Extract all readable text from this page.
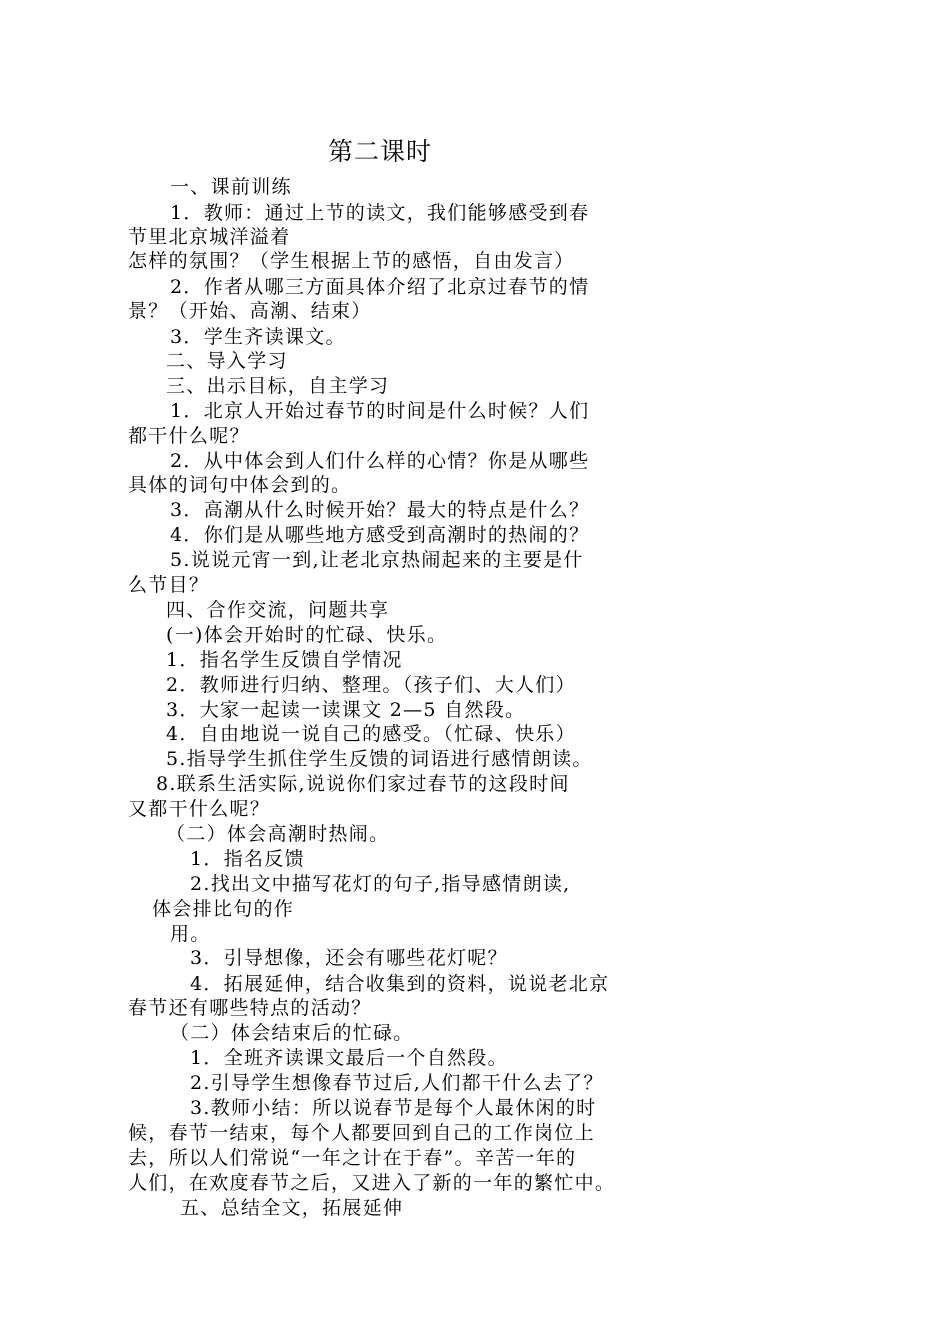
第二课时
一、课前训练
1．教师：通过上节的读文，我们能够感受到春
节里北京城洋溢着
怎样的氛围？（学生根据上节的感悟，自由发言）
2．作者从哪三方面具体介绍了北京过春节的情
景？（开始、高潮、结束）
3．学生齐读课文。
二、导入学习
三、出示目标，自主学习
1．北京人开始过春节的时间是什么时候？人们
都干什么呢？
2．从中体会到人们什么样的心情？你是从哪些
具体的词句中体会到的。
3．高潮从什么时候开始？最大的特点是什么？
4．你们是从哪些地方感受到高潮时的热闹的？
5.说说元宵一到,让老北京热闹起来的主要是什
么节目？
四、合作交流，问题共享
(一)体会开始时的忙碌、快乐。
1．指名学生反馈自学情况
2．教师进行归纳、整理。（孩子们、大人们）
3．大家一起读一读课文 2—5 自然段。
4．自由地说一说自己的感受。（忙碌、快乐）
5.指导学生抓住学生反馈的词语进行感情朗读。
8.联系生活实际,说说你们家过春节的这段时间
又都干什么呢？
（二）体会高潮时热闹。
1．指名反馈
2.找出文中描写花灯的句子,指导感情朗读,
体会排比句的作
用。
3．引导想像，还会有哪些花灯呢？
4．拓展延伸，结合收集到的资料，说说老北京
春节还有哪些特点的活动？
（二）体会结束后的忙碌。
1．全班齐读课文最后一个自然段。
2.引导学生想像春节过后,人们都干什么去了？
3.教师小结：所以说春节是每个人最休闲的时
候，春节一结束，每个人都要回到自己的工作岗位上
去，所以人们常说“一年之计在于春”。辛苦一年的
人们，在欢度春节之后，又进入了新的一年的繁忙中。
五、总结全文，拓展延伸
